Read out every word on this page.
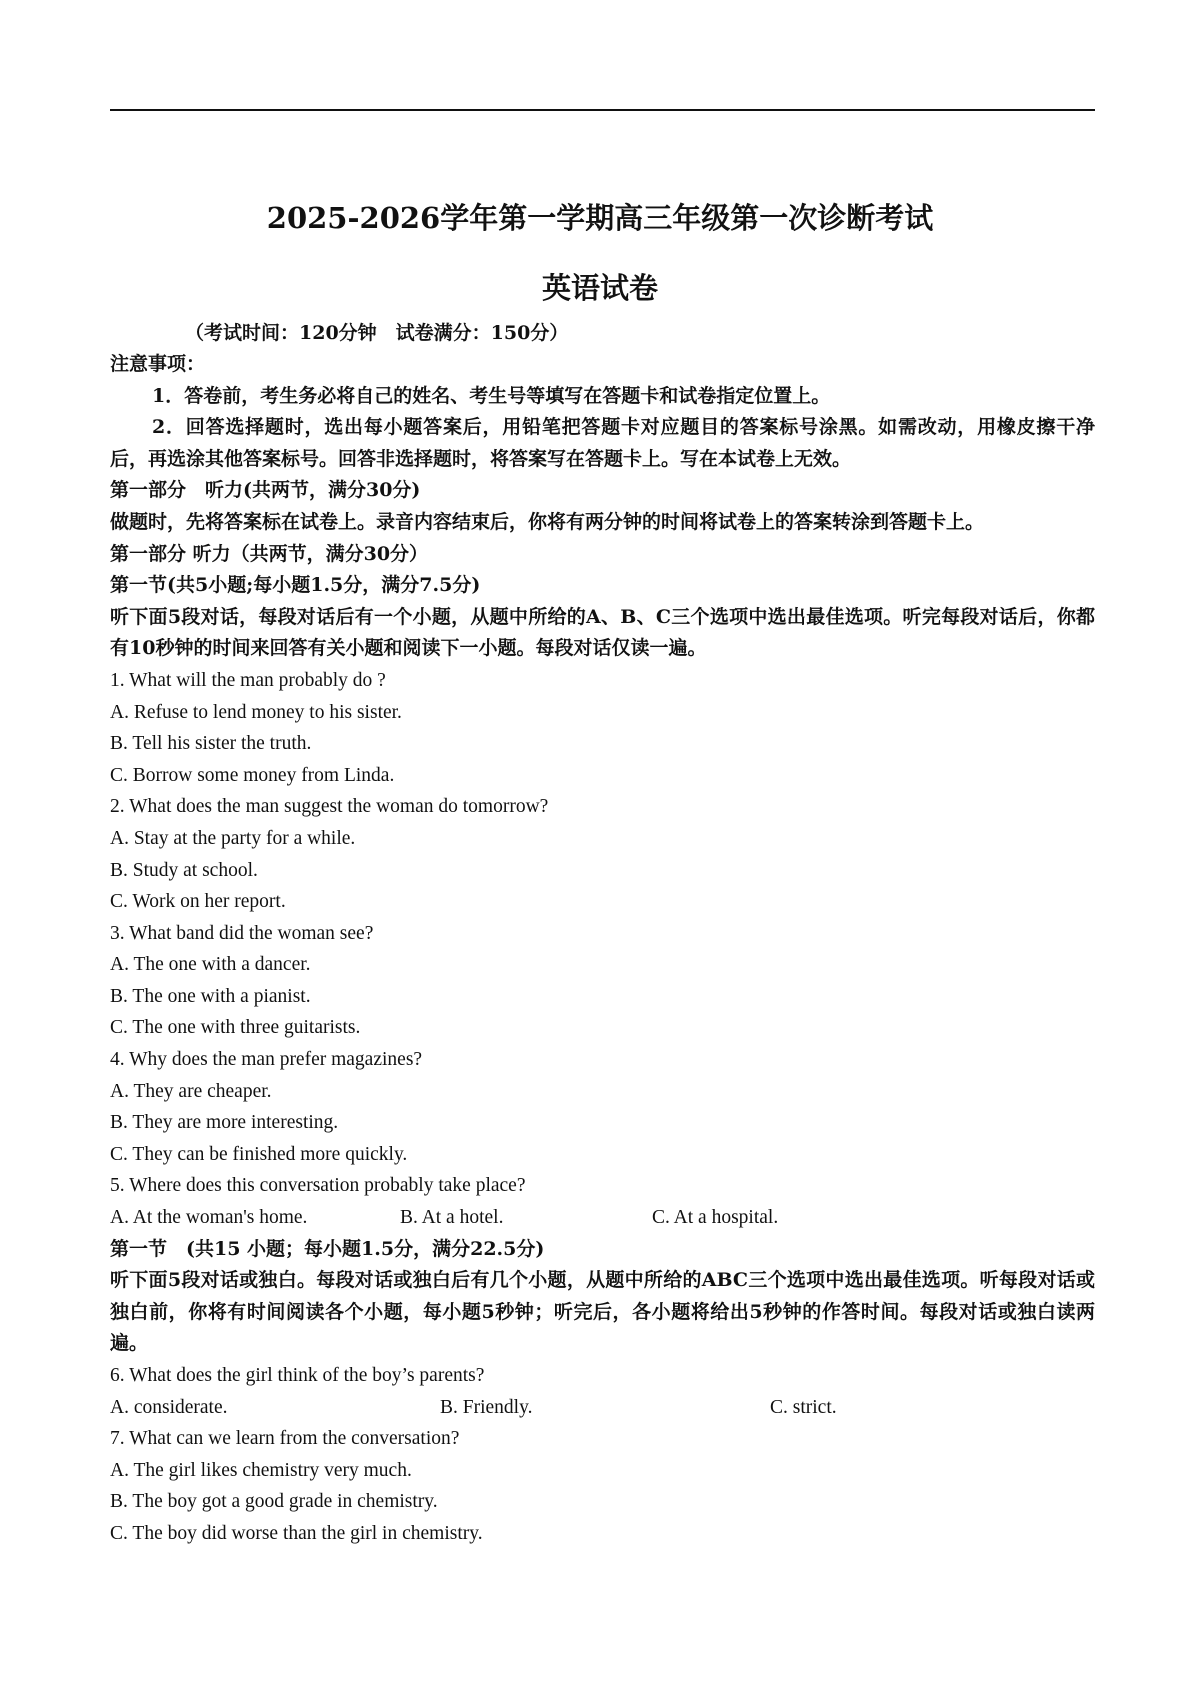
2025-2026学年第一学期高三年级第一次诊断考试
英语试卷
（考试时间：120分钟　试卷满分：150分）
注意事项：
1．答卷前，考生务必将自己的姓名、考生号等填写在答题卡和试卷指定位置上。
2．回答选择题时，选出每小题答案后，用铅笔把答题卡对应题目的答案标号涂黑。如需改动，用橡皮擦干净后，再选涂其他答案标号。回答非选择题时，将答案写在答题卡上。写在本试卷上无效。
第一部分　听力(共两节，满分30分)
做题时，先将答案标在试卷上。录音内容结束后，你将有两分钟的时间将试卷上的答案转涂到答题卡上。
第一部分 听力（共两节，满分30分）
第一节(共5小题;每小题1.5分，满分7.5分)
听下面5段对话，每段对话后有一个小题，从题中所给的A、B、C三个选项中选出最佳选项。听完每段对话后，你都有10秒钟的时间来回答有关小题和阅读下一小题。每段对话仅读一遍。
1. What will the man probably do ?
A. Refuse to lend money to his sister.
B. Tell his sister the truth.
C. Borrow some money from Linda.
2. What does the man suggest the woman do tomorrow?
A. Stay at the party for a while.
B. Study at school.
C. Work on her report.
3. What band did the woman see?
A. The one with a dancer.
B. The one with a pianist.
C. The one with three guitarists.
4. Why does the man prefer magazines?
A. They are cheaper.
B. They are more interesting.
C. They can be finished more quickly.
5. Where does this conversation probably take place?
A. At the woman's home.	B. At a hotel.	C. At a hospital.
第一节　(共15 小题；每小题1.5分，满分22.5分)
听下面5段对话或独白。每段对话或独白后有几个小题，从题中所给的ABC三个选项中选出最佳选项。听每段对话或独白前，你将有时间阅读各个小题，每小题5秒钟；听完后，各小题将给出5秒钟的作答时间。每段对话或独白读两遍。
6. What does the girl think of the boy’s parents?
A. considerate.	B. Friendly.	C. strict.
7. What can we learn from the conversation?
A. The girl likes chemistry very much.
B. The boy got a good grade in chemistry.
C. The boy did worse than the girl in chemistry.
